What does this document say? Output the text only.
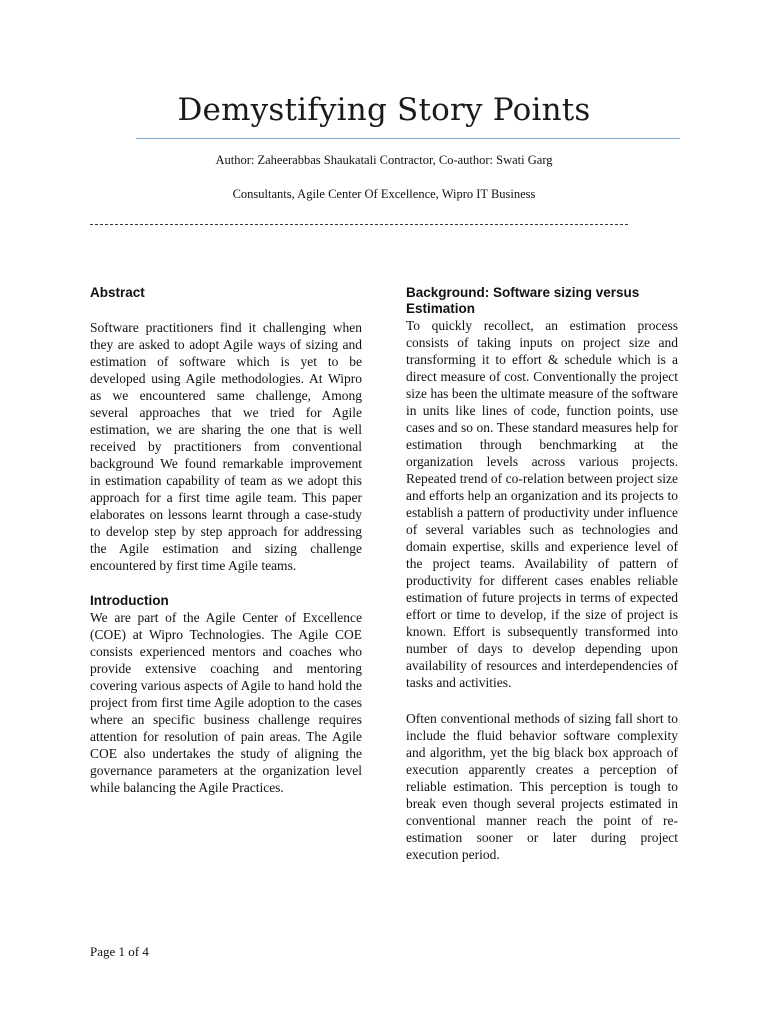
Demystifying Story Points

Author: Zaheerabbas Shaukatali Contractor, Co-author: Swati Garg

Consultants, Agile Center Of Excellence, Wipro IT Business

Abstract

Software practitioners find it challenging when they are asked to adopt Agile ways of sizing and estimation of software which is yet to be developed using Agile methodologies. At Wipro as we encountered same challenge, Among several approaches that we tried for Agile estimation, we are sharing the one that is well received by practitioners from conventional background We found remarkable improvement in estimation capability of team as we adopt this approach for a first time agile team. This paper elaborates on lessons learnt through a case-study to develop step by step approach for addressing the Agile estimation and sizing challenge encountered by first time Agile teams.

Introduction

We are part of the Agile Center of Excellence (COE) at Wipro Technologies. The Agile COE consists experienced mentors and coaches who provide extensive coaching and mentoring covering various aspects of Agile to hand hold the project from first time Agile adoption to the cases where an specific business challenge requires attention for resolution of pain areas. The Agile COE also undertakes the study of aligning the governance parameters at the organization level while balancing the Agile Practices.

Background: Software sizing versus Estimation

To quickly recollect, an estimation process consists of taking inputs on project size and transforming it to effort & schedule which is a direct measure of cost. Conventionally the project size has been the ultimate measure of the software in units like lines of code, function points, use cases and so on. These standard measures help for estimation through benchmarking at the organization levels across various projects. Repeated trend of co-relation between project size and efforts help an organization and its projects to establish a pattern of productivity under influence of several variables such as technologies and domain expertise, skills and experience level of the project teams. Availability of pattern of productivity for different cases enables reliable estimation of future projects in terms of expected effort or time to develop, if the size of project is known. Effort is subsequently transformed into number of days to develop depending upon availability of resources and interdependencies of tasks and activities.

Often conventional methods of sizing fall short to include the fluid behavior software complexity and algorithm, yet the big black box approach of execution apparently creates a perception of reliable estimation. This perception is tough to break even though several projects estimated in conventional manner reach the point of re-estimation sooner or later during project execution period.

Page 1 of 4
